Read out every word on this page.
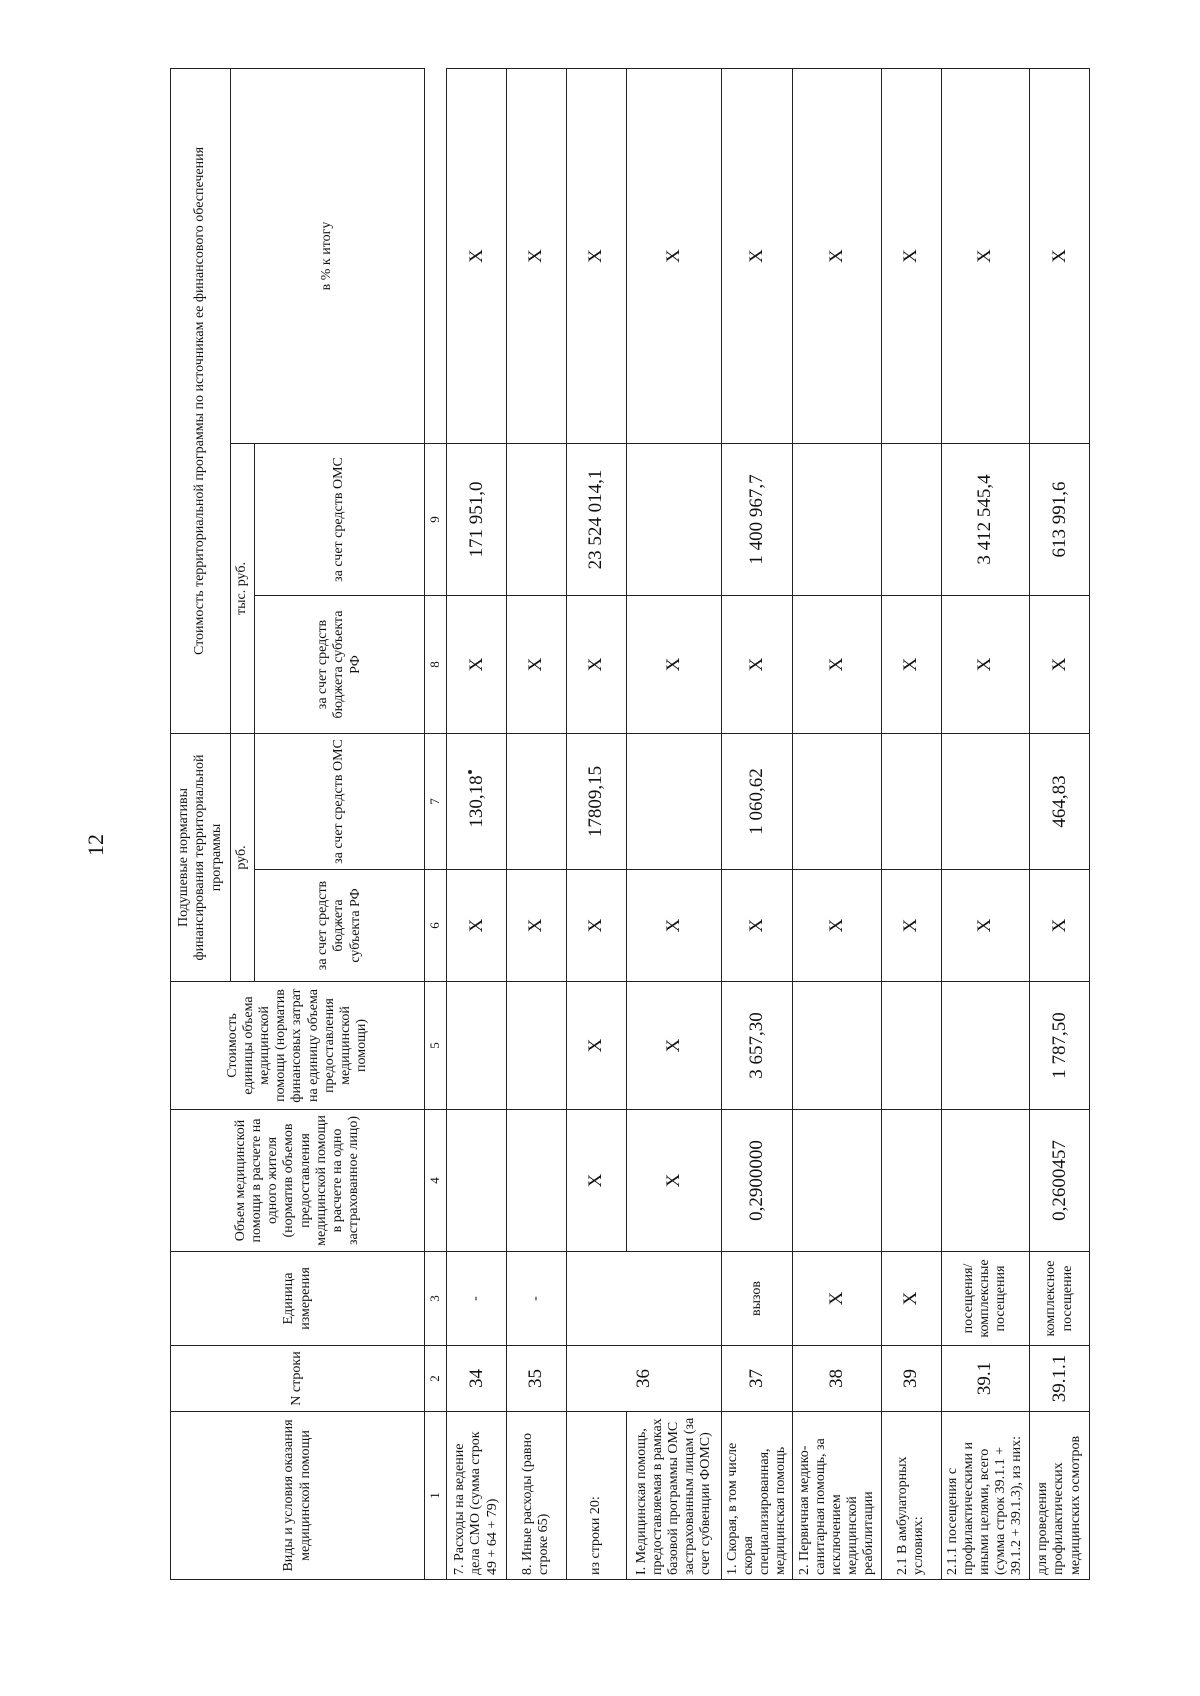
12
Виды и условия оказания медицинской помощи	N строки	Единица измерения	Объем медицинской помощи в расчете на одного жителя (норматив объемов предоставления медицинской помощи в расчете на одно застрахованное лицо)	Стоимость единицы объема медицинской помощи (норматив финансовых затрат на единицу объема предоставления медицинской помощи)	Подушевые нормативы финансирования территориальной программы		Стоимость территориальной программы по источникам ее финансового обеспечения		
					руб.		тыс. руб.		в % к итогу
					за счет средств бюджета субъекта РФ	за счет средств ОМС	за счет средств бюджета субъекта РФ	за счет средств ОМС	
1	2	3	4	5	6	7	8	9	
7. Расходы на ведение дела СМО (сумма строк 49 + 64 + 79)	34	-			X	130,18	X	171 951,0	X
8. Иные расходы (равно строке 65)	35	-			X		X		X
из строки 20:	36		X	X	X	17809,15	X	23 524 014,1	X
I. Медицинская помощь, предоставляемая в рамках базовой программы ОМС застрахованным лицам (за счет субвенции ФОМС)			X	X	X		X		X
1. Скорая, в том числе скорая специализированная, медицинская помощь	37	вызов	0,2900000	3 657,30	X	1 060,62	X	1 400 967,7	X
2. Первичная медико-санитарная помощь, за исключением медицинской реабилитации	38	X			X		X		X
2.1 В амбулаторных условиях:	39	X			X		X		X
2.1.1 посещения с профилактическими и иными целями, всего (сумма строк 39.1.1 + 39.1.2 + 39.1.3), из них:	39.1	посещения/ комплексные посещения			X		X	3 412 545,4	X
для проведения профилактических медицинских осмотров	39.1.1	комплексное посещение	0,2600457	1 787,50	X	464,83	X	613 991,6	X
